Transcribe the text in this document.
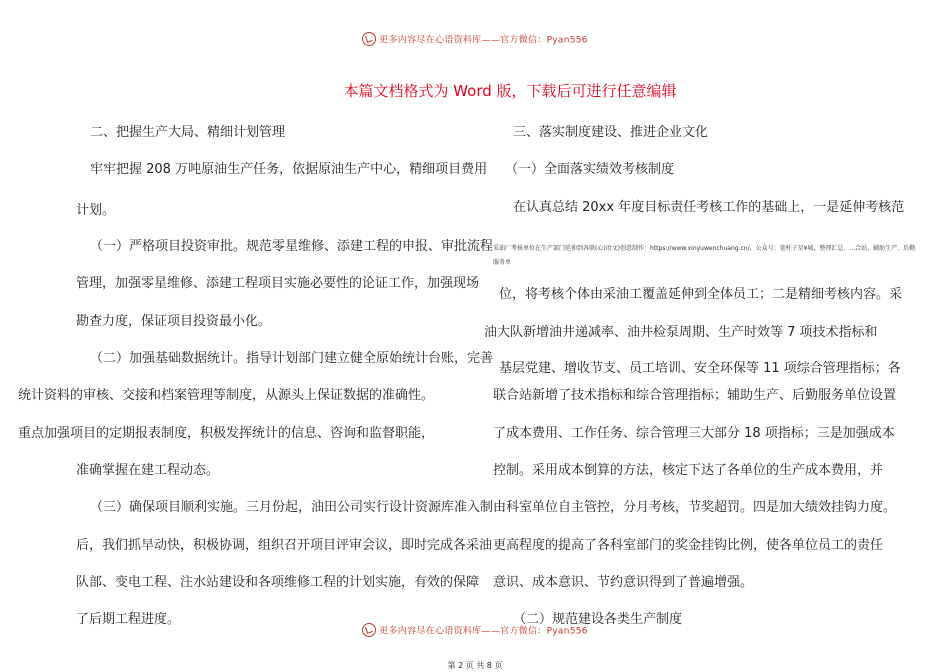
更多内容尽在心语资料库——官方微信：Pyan556
本篇文档格式为 Word 版，下载后可进行任意编辑
二、把握生产大局、精细计划管理
牢牢把握 208 万吨原油生产任务，依据原油生产中心，精细项目费用
计划。
（一）严格项目投资审批。规范零星维修、添建工程的申报、审批流程
管理，加强零星维修、添建工程项目实施必要性的论证工作，加强现场
勘查力度，保证项目投资最小化。
（二）加强基础数据统计。指导计划部门建立健全原始统计台账，完善
统计资料的审核、交接和档案管理等制度，从源头上保证数据的准确性。
重点加强项目的定期报表制度，积极发挥统计的信息、咨询和监督职能，
准确掌握在建工程动态。
（三）确保项目顺利实施。三月份起，油田公司实行设计资源库准入制
后，我们抓早动快，积极协调，组织召开项目评审会议，即时完成各采油
队部、变电工程、注水站建设和各项维修工程的计划实施，有效的保障
了后期工程进度。
三、落实制度建设、推进企业文化
（一）全面落实绩效考核制度
在认真总结 20xx 年度目标责任考核工作的基础上，一是延伸考核范
采油厂考核单位在生产部门延伸到各联(心)语文)创意制作：https://www.xinyuwenchuang.cn/，公众号：笔杆子星¥城，整理汇总、...合站、辅助生产、后勤
服务单
位，将考核个体由采油工覆盖延伸到全体员工；二是精细考核内容。采
油大队新增油井递减率、油井检泵周期、生产时效等 7 项技术指标和
基层党建、增收节支、员工培训、安全环保等 11 项综合管理指标；各
联合站新增了技术指标和综合管理指标；辅助生产、后勤服务单位设置
了成本费用、工作任务、综合管理三大部分 18 项指标；三是加强成本
控制。采用成本倒算的方法，核定下达了各单位的生产成本费用，并
由科室单位自主管控，分月考核，节奖超罚。四是加大绩效挂钩力度。
更高程度的提高了各科室部门的奖金挂钩比例，使各单位员工的责任
意识、成本意识、节约意识得到了普遍增强。
（二）规范建设各类生产制度
更多内容尽在心语资料库——官方微信：Pyan556
第 2 页 共 8 页
